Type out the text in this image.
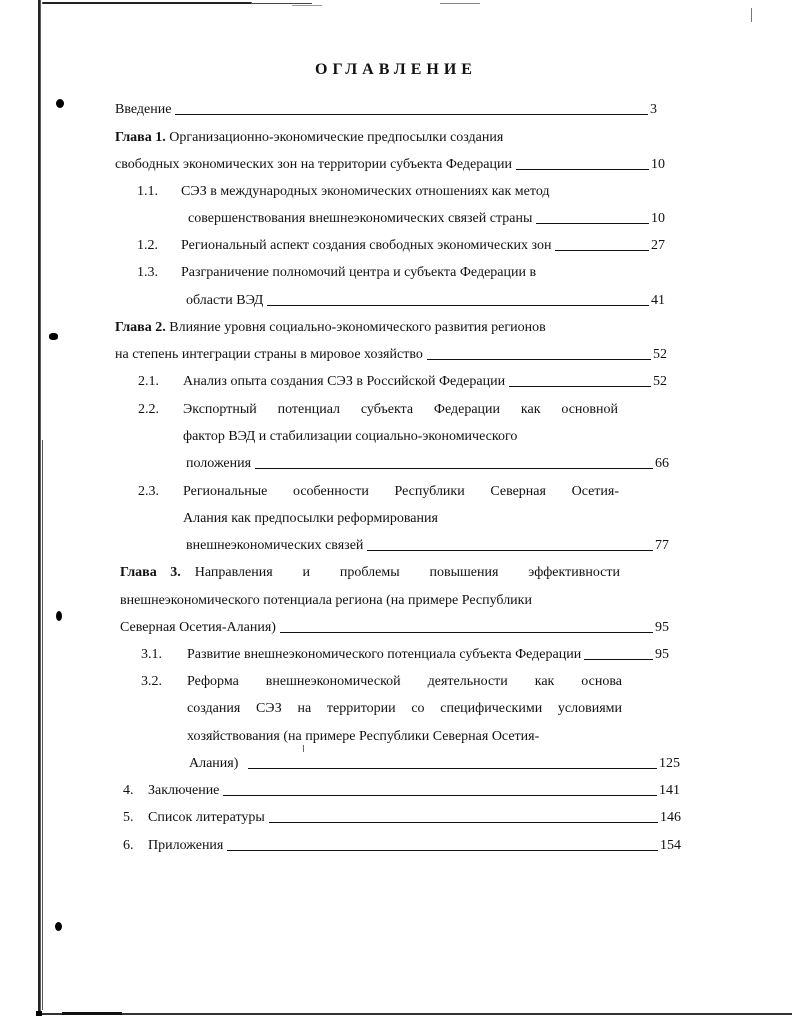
ОГЛАВЛЕНИЕ
Введение	3
Глава 1. Организационно-экономические предпосылки создания
свободных экономических зон на территории субъекта Федерации	10
1.1. СЭЗ в международных экономических отношениях как метод
совершенствования внешнеэкономических связей страны	10
1.2. Региональный аспект создания свободных экономических зон	27
1.3. Разграничение полномочий центра и субъекта Федерации в
области ВЭД	41
Глава 2. Влияние уровня социально-экономического развития регионов
на степень интеграции страны в мировое хозяйство	52
2.1. Анализ опыта создания СЭЗ в Российской Федерации	52
2.2. Экспортный потенциал субъекта Федерации как основной
фактор ВЭД и стабилизации социально-экономического
положения	66
2.3. Региональные особенности Республики Северная Осетия-
Алания как предпосылки реформирования
внешнеэкономических связей	77
Глава 3. Направления и проблемы повышения эффективности
внешнеэкономического потенциала региона (на примере Республики
Северная Осетия-Алания)	95
3.1. Развитие внешнеэкономического потенциала субъекта Федерации	95
3.2. Реформа внешнеэкономической деятельности как основа
создания СЭЗ на территории со специфическими условиями
хозяйствования (на примере Республики Северная Осетия-
Алания)	125
4. Заключение	141
5. Список литературы	146
6. Приложения	154
